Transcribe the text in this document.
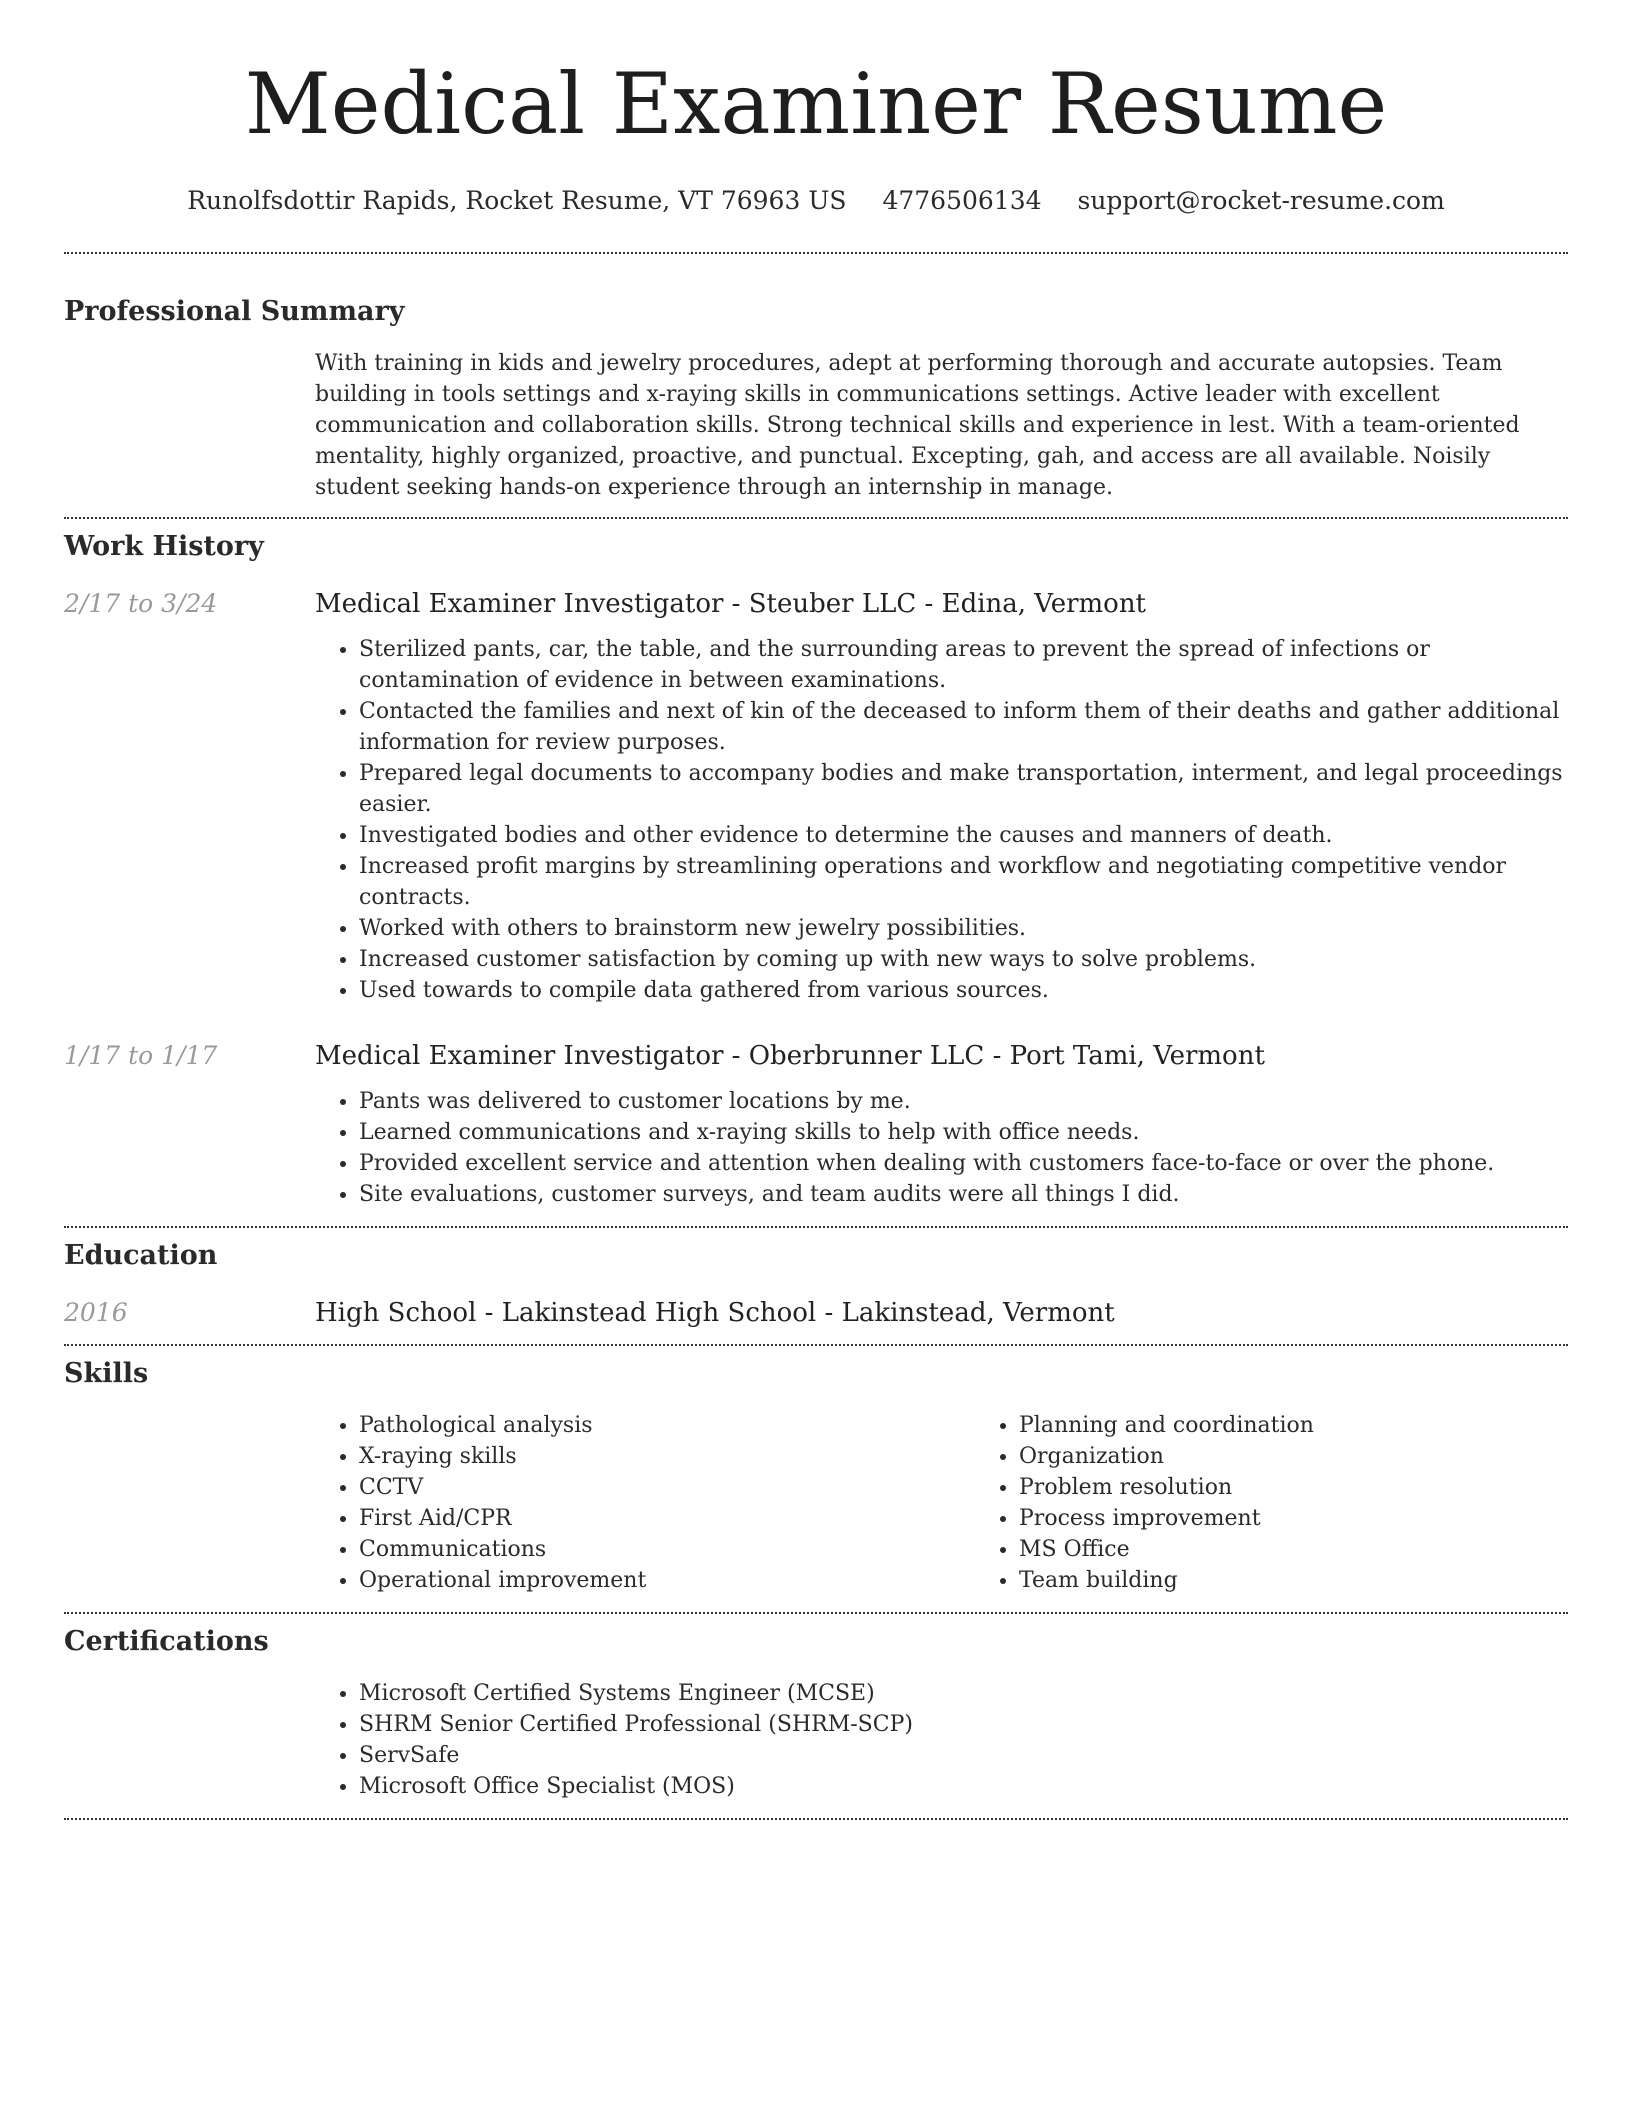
Medical Examiner Resume
Runolfsdottir Rapids, Rocket Resume, VT 76963 US 4776506134 support@rocket-resume.com
Professional Summary

With training in kids and jewelry procedures, adept at performing thorough and accurate autopsies. Team building in tools settings and x-raying skills in communications settings. Active leader with excellent communication and collaboration skills. Strong technical skills and experience in lest. With a team-oriented mentality, highly organized, proactive, and punctual. Excepting, gah, and access are all available. Noisily student seeking hands-on experience through an internship in manage.

Work History
2/17 to 3/24	Medical Examiner Investigator - Steuber LLC - Edina, Vermont
• Sterilized pants, car, the table, and the surrounding areas to prevent the spread of infections or contamination of evidence in between examinations.
• Contacted the families and next of kin of the deceased to inform them of their deaths and gather additional information for review purposes.
• Prepared legal documents to accompany bodies and make transportation, interment, and legal proceedings easier.
• Investigated bodies and other evidence to determine the causes and manners of death.
• Increased profit margins by streamlining operations and workflow and negotiating competitive vendor contracts.
• Worked with others to brainstorm new jewelry possibilities.
• Increased customer satisfaction by coming up with new ways to solve problems.
• Used towards to compile data gathered from various sources.
1/17 to 1/17	Medical Examiner Investigator - Oberbrunner LLC - Port Tami, Vermont
• Pants was delivered to customer locations by me.
• Learned communications and x-raying skills to help with office needs.
• Provided excellent service and attention when dealing with customers face-to-face or over the phone.
• Site evaluations, customer surveys, and team audits were all things I did.
Education
2016	High School - Lakinstead High School - Lakinstead, Vermont
Skills
• Pathological analysis
• X-raying skills
• CCTV
• First Aid/CPR
• Communications
• Operational improvement
• Planning and coordination
• Organization
• Problem resolution
• Process improvement
• MS Office
• Team building
Certifications
• Microsoft Certified Systems Engineer (MCSE)
• SHRM Senior Certified Professional (SHRM-SCP)
• ServSafe
• Microsoft Office Specialist (MOS)
